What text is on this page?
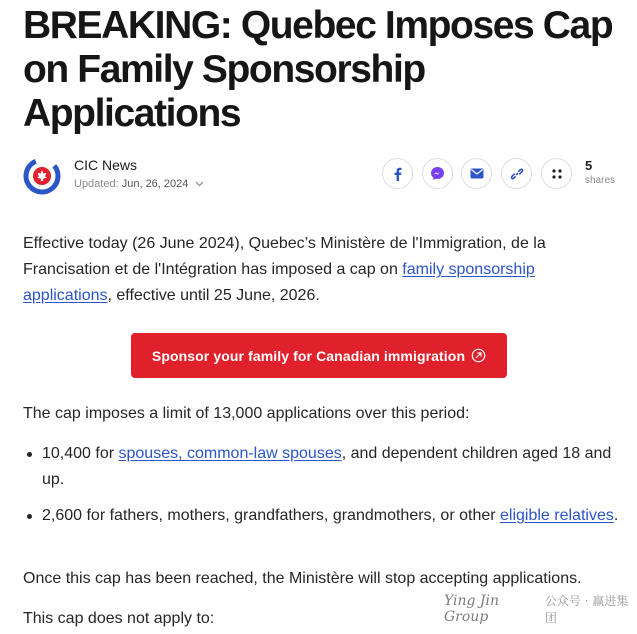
BREAKING: Quebec Imposes Cap on Family Sponsorship Applications
CIC News
Updated: Jun, 26, 2024
5
shares

Effective today (26 June 2024), Quebec’s Ministère de l'Immigration, de la Francisation et de l'Intégration has imposed a cap on family sponsorship applications, effective until 25 June, 2026.

Sponsor your family for Canadian immigration

The cap imposes a limit of 13,000 applications over this period:

10,400 for spouses, common-law spouses, and dependent children aged 18 and up.
2,600 for fathers, mothers, grandfathers, grandmothers, or other eligible relatives.

Once this cap has been reached, the Ministère will stop accepting applications.

This cap does not apply to:

Ying Jin Group
公众号 · 赢进集团
